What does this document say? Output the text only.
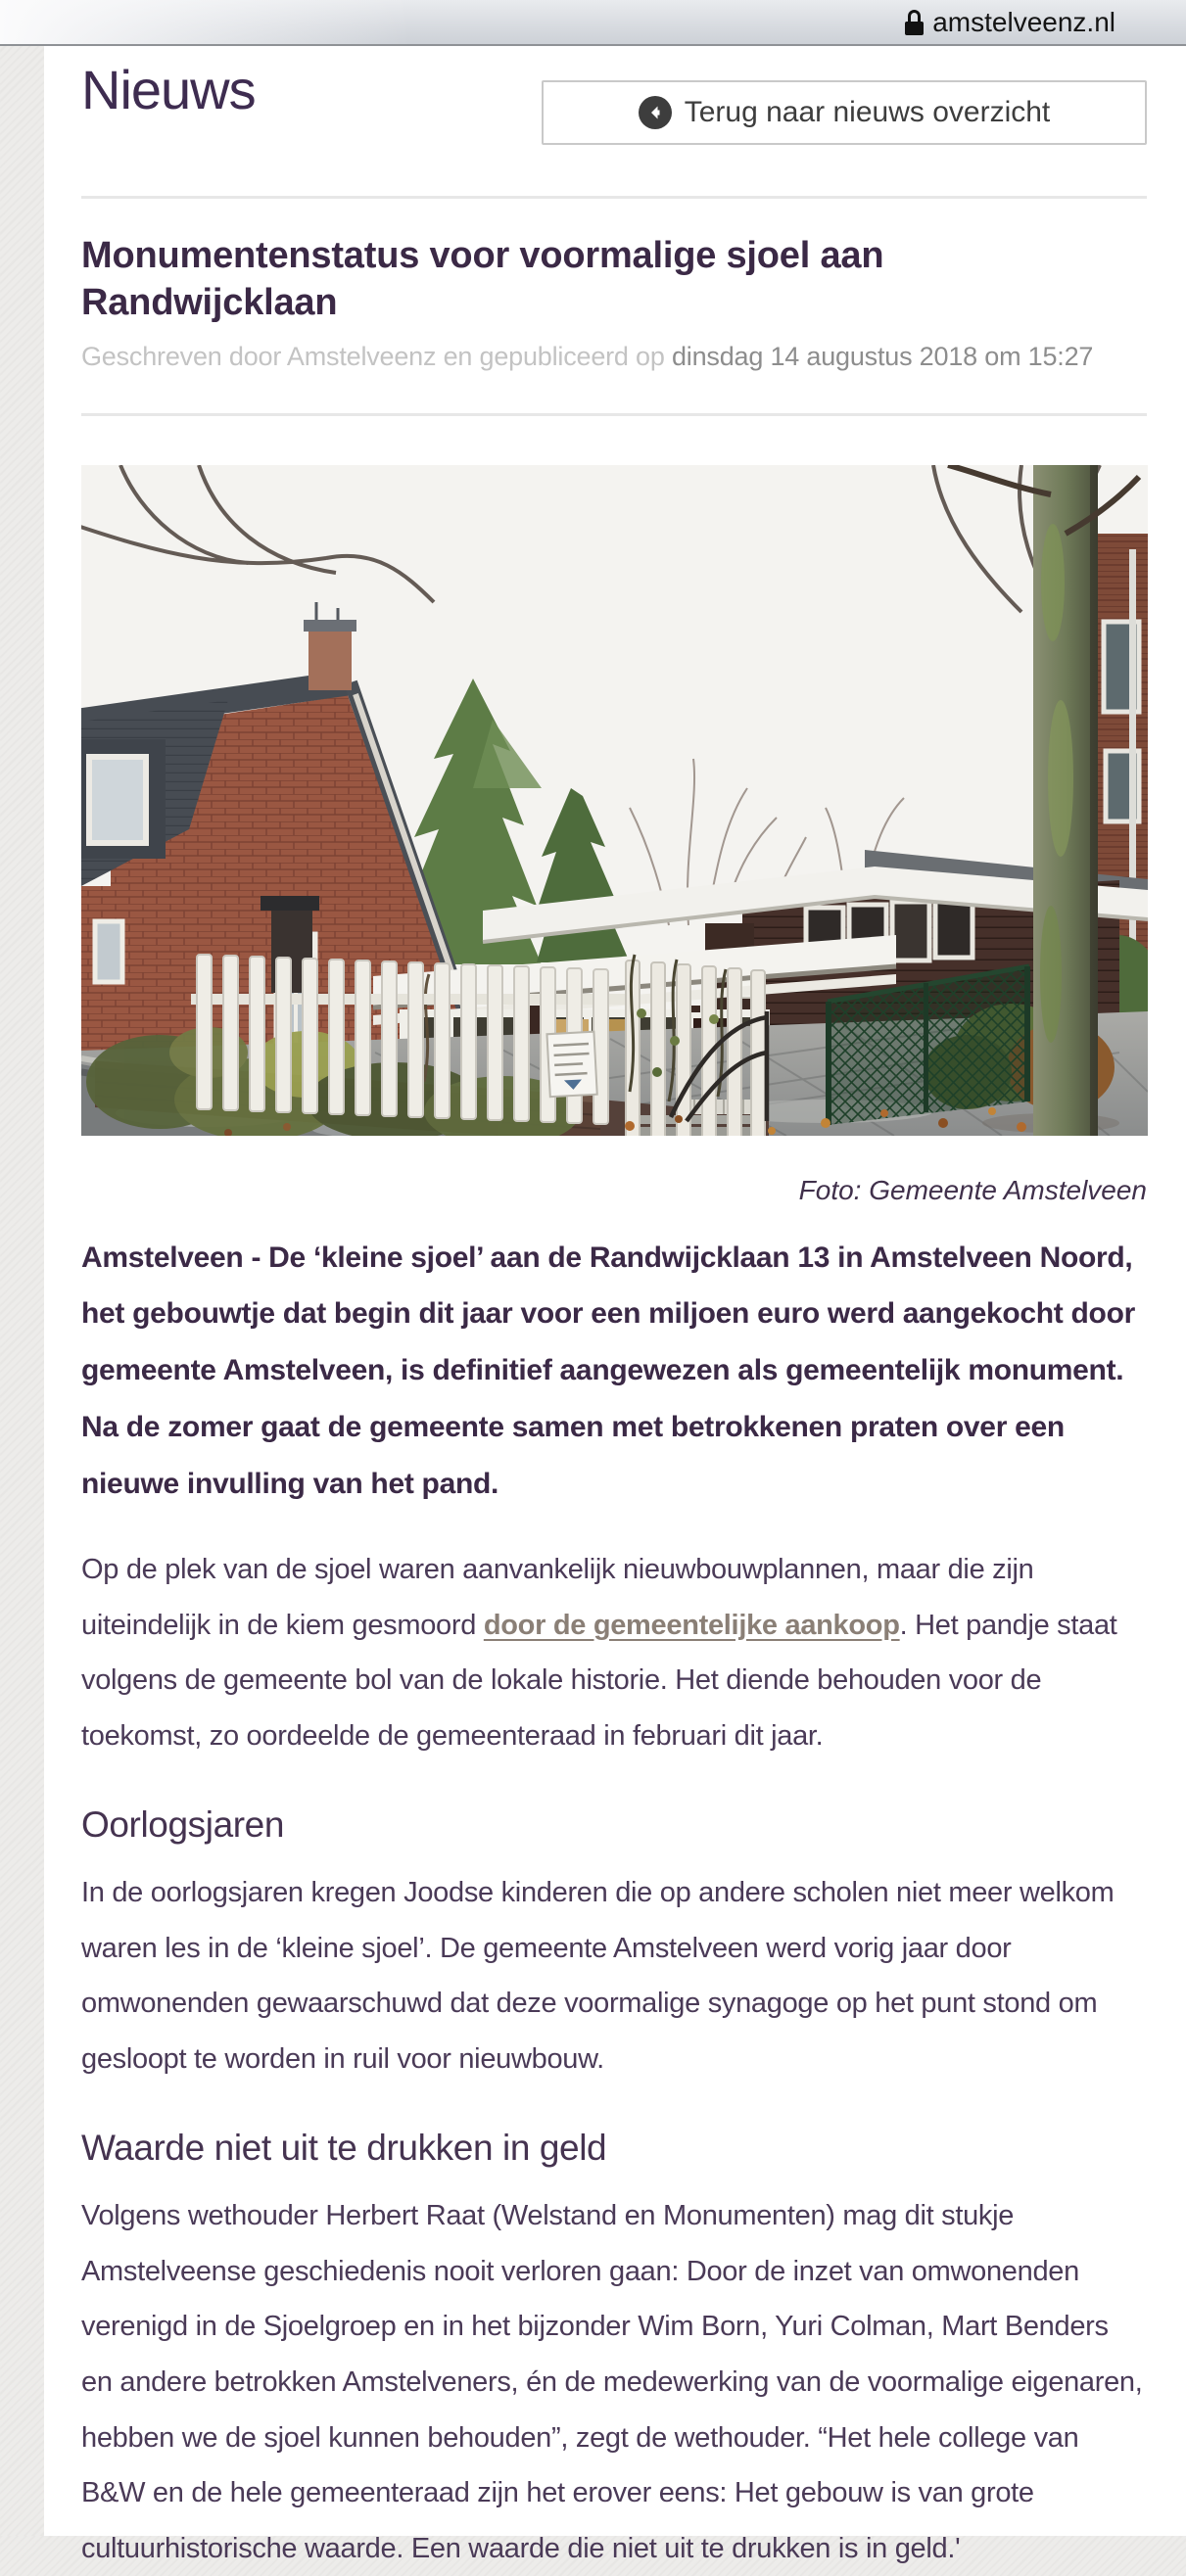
amstelveenz.nl
Nieuws	Terug naar nieuws overzicht
Monumentenstatus voor voormalige sjoel aan Randwijcklaan
Geschreven door Amstelveenz en gepubliceerd op dinsdag 14 augustus 2018 om 15:27
Foto: Gemeente Amstelveen

Amstelveen - De ‘kleine sjoel’ aan de Randwijcklaan 13 in Amstelveen Noord, het gebouwtje dat begin dit jaar voor een miljoen euro werd aangekocht door gemeente Amstelveen, is definitief aangewezen als gemeentelijk monument. Na de zomer gaat de gemeente samen met betrokkenen praten over een nieuwe invulling van het pand.

Op de plek van de sjoel waren aanvankelijk nieuwbouwplannen, maar die zijn uiteindelijk in de kiem gesmoord door de gemeentelijke aankoop. Het pandje staat volgens de gemeente bol van de lokale historie. Het diende behouden voor de toekomst, zo oordeelde de gemeenteraad in februari dit jaar.

Oorlogsjaren

In de oorlogsjaren kregen Joodse kinderen die op andere scholen niet meer welkom waren les in de ‘kleine sjoel’. De gemeente Amstelveen werd vorig jaar door omwonenden gewaarschuwd dat deze voormalige synagoge op het punt stond om gesloopt te worden in ruil voor nieuwbouw.

Waarde niet uit te drukken in geld

Volgens wethouder Herbert Raat (Welstand en Monumenten) mag dit stukje Amstelveense geschiedenis nooit verloren gaan: Door de inzet van omwonenden verenigd in de Sjoelgroep en in het bijzonder Wim Born, Yuri Colman, Mart Benders en andere betrokken Amstelveners, én de medewerking van de voormalige eigenaren, hebben we de sjoel kunnen behouden”, zegt de wethouder. “Het hele college van B&W en de hele gemeenteraad zijn het erover eens: Het gebouw is van grote cultuurhistorische waarde. Een waarde die niet uit te drukken is in geld.'
